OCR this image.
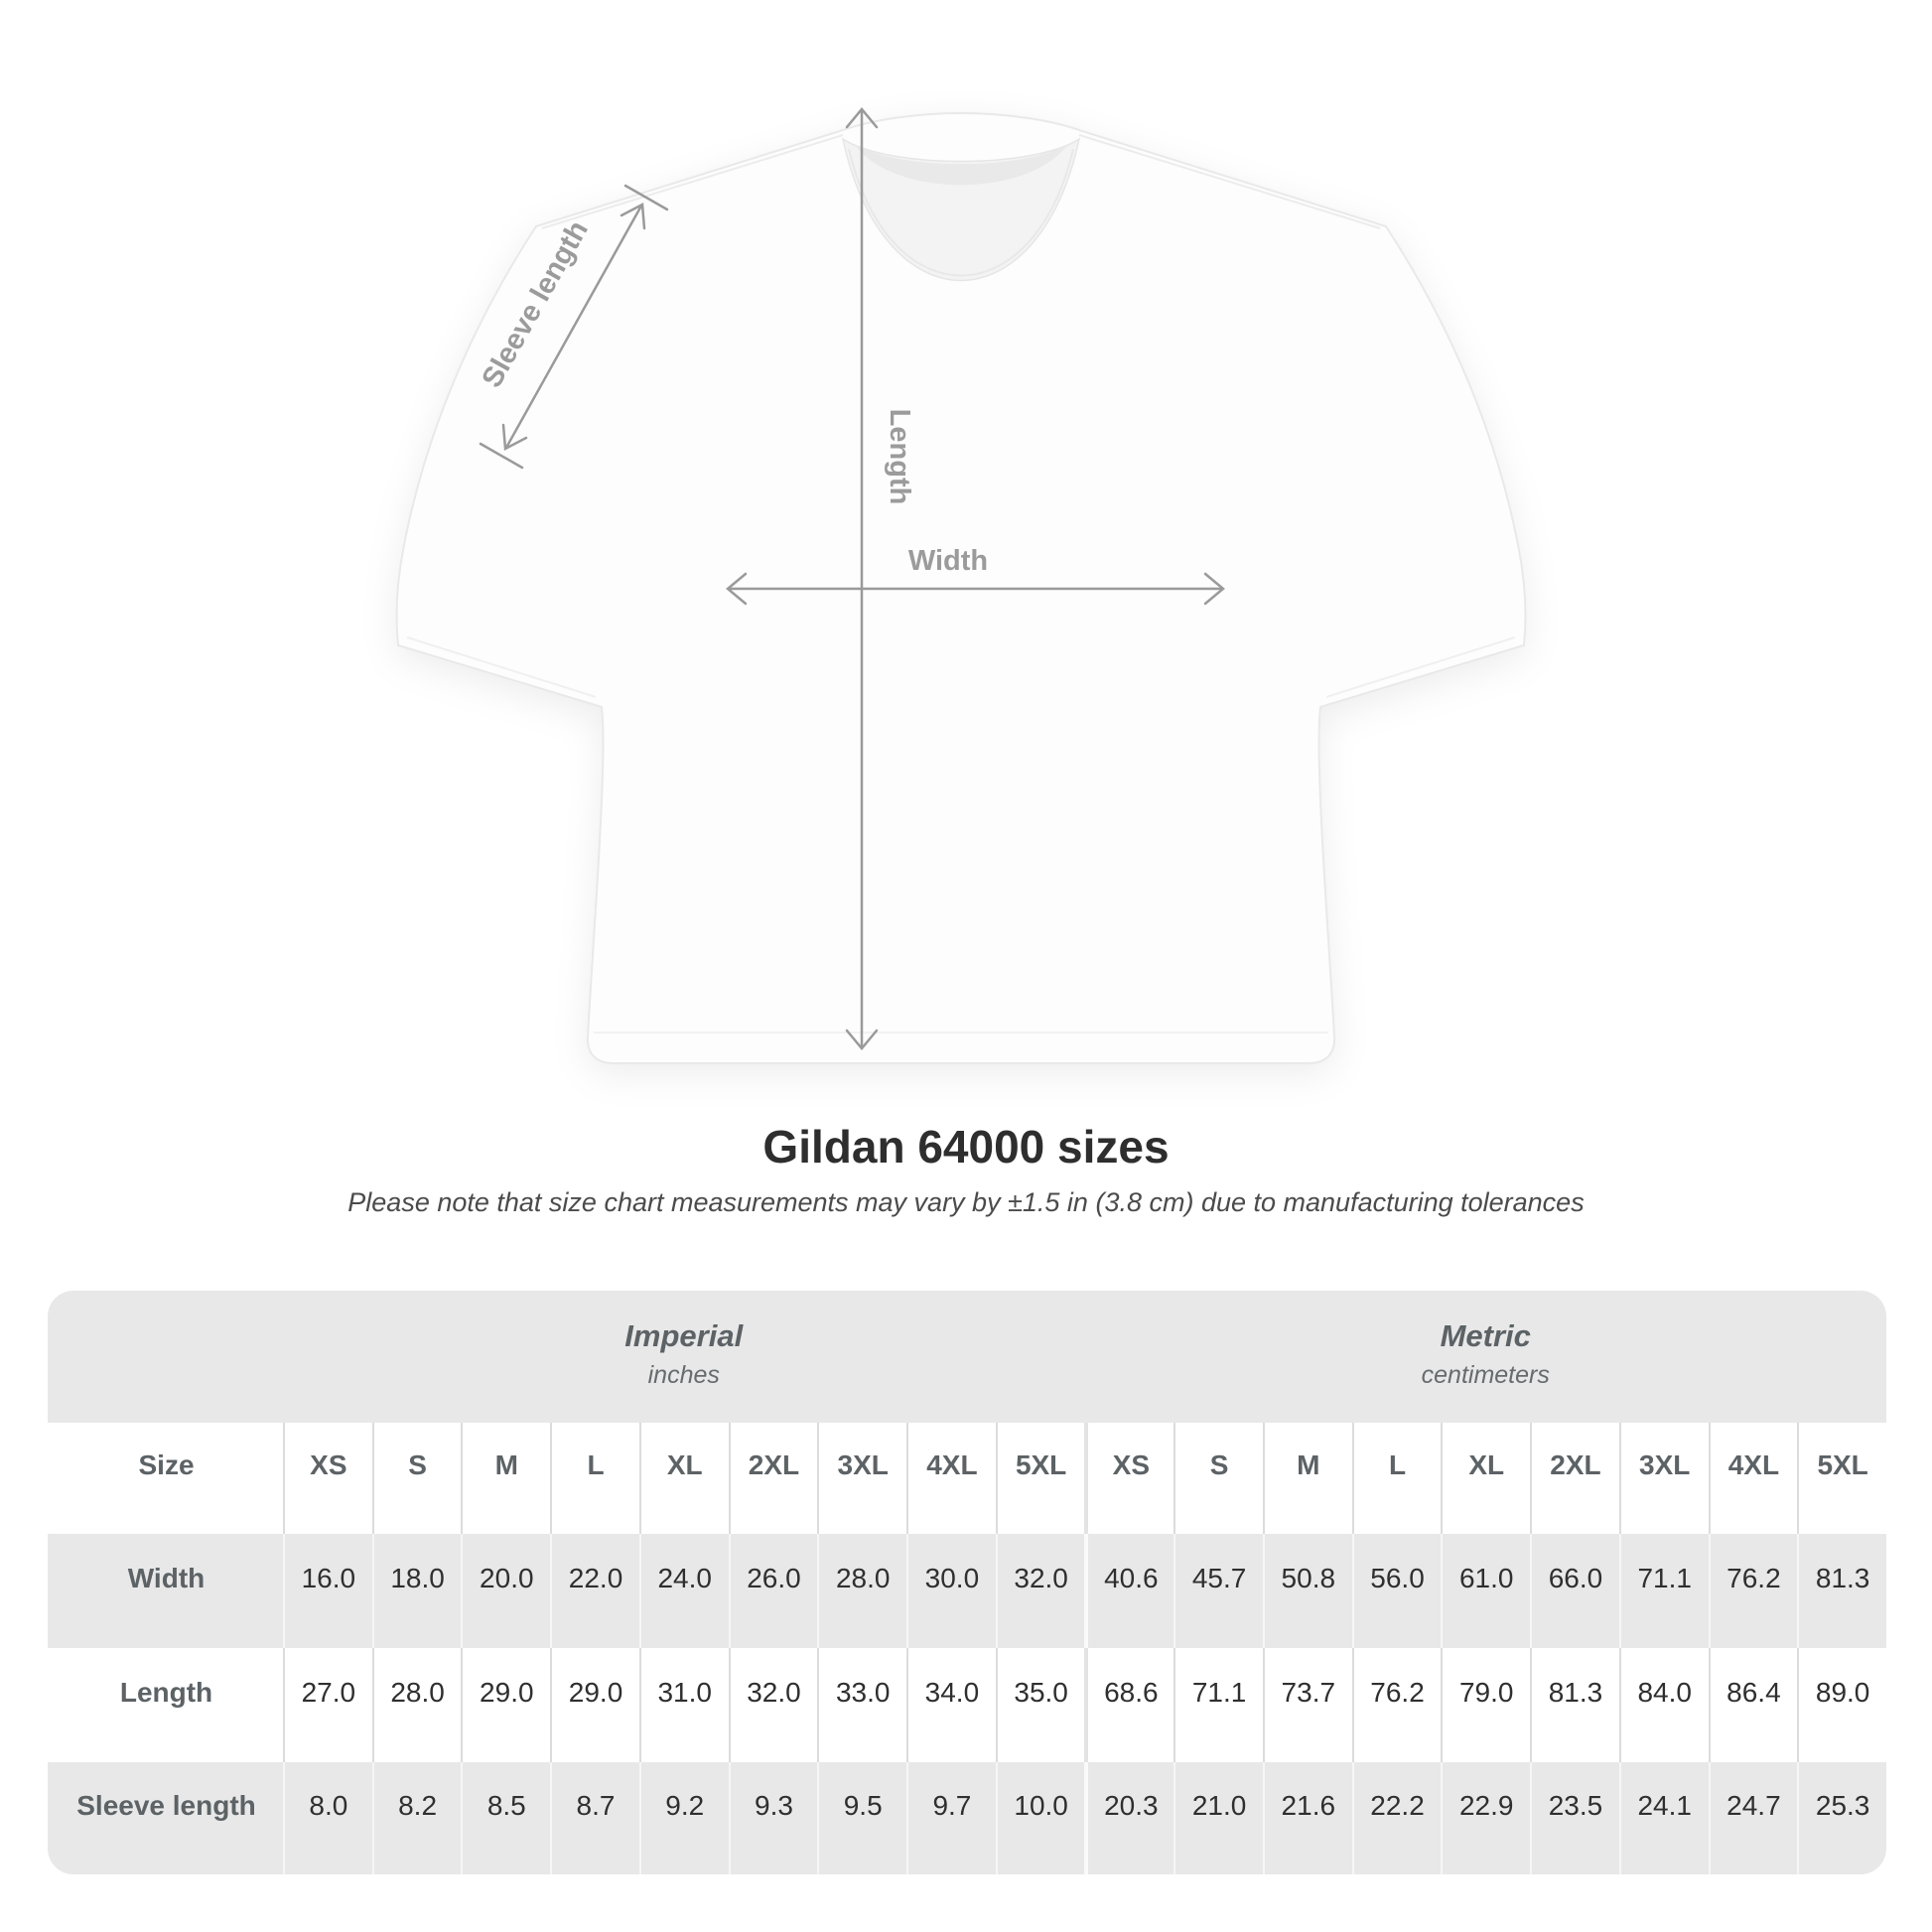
Sleeve length
Length
Width
Gildan 64000 sizes

Please note that size chart measurements may vary by ±1.5 in (3.8 cm) due to manufacturing tolerances

Imperial
inches
Metric
centimeters
Size	XS	S	M	L	XL	2XL	3XL	4XL	5XL	XS	S	M	L	XL	2XL	3XL	4XL	5XL
Width	16.0	18.0	20.0	22.0	24.0	26.0	28.0	30.0	32.0	40.6	45.7	50.8	56.0	61.0	66.0	71.1	76.2	81.3
Length	27.0	28.0	29.0	29.0	31.0	32.0	33.0	34.0	35.0	68.6	71.1	73.7	76.2	79.0	81.3	84.0	86.4	89.0
Sleeve length	8.0	8.2	8.5	8.7	9.2	9.3	9.5	9.7	10.0	20.3	21.0	21.6	22.2	22.9	23.5	24.1	24.7	25.3
